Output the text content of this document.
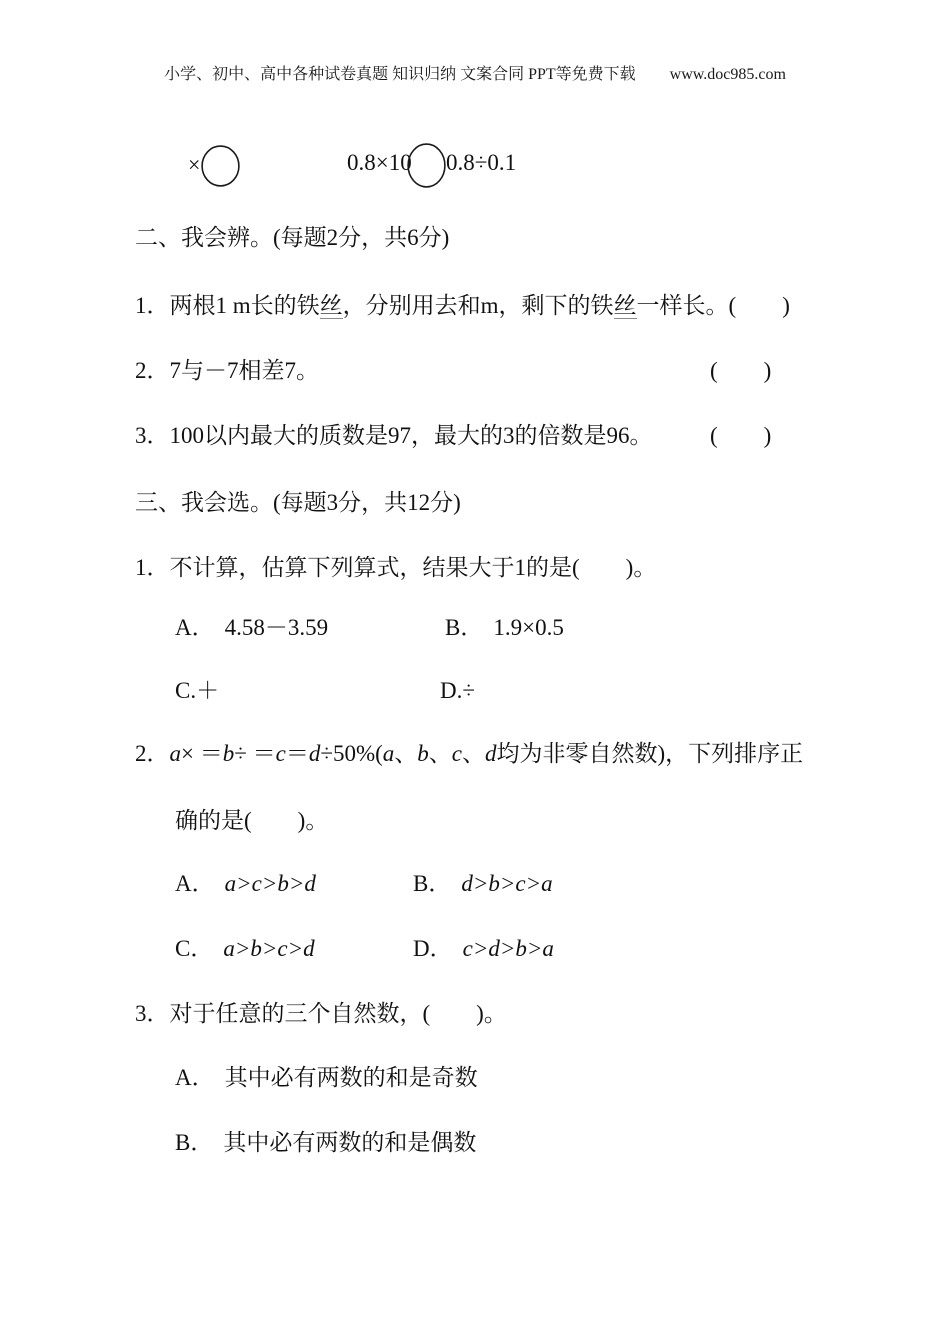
小学、初中、高中各种试卷真题 知识归纳 文案合同 PPT等免费下载 www.doc985.com
×	0.8×10 0.8÷0.1
二、我会辨。(每题2分，共6分)
1．两根1 m长的铁丝，分别用去和m，剩下的铁丝一样长。(　　)
2．7与－7相差7。	(　　)
3．100以内最大的质数是97，最大的3的倍数是96。	(　　)
三、我会选。(每题3分，共12分)
1．不计算，估算下列算式，结果大于1的是(　　)。
A． 4.58－3.59	B． 1.9×0.5
C.＋	D.÷
2．a× ＝b÷ ＝c＝d÷50%(a、b、c、d均为非零自然数)，下列排序正
确的是(　　)。
A． a>c>b>d	B． d>b>c>a
C． a>b>c>d	D． c>d>b>a
3．对于任意的三个自然数，(　　)。
A． 其中必有两数的和是奇数
B． 其中必有两数的和是偶数
